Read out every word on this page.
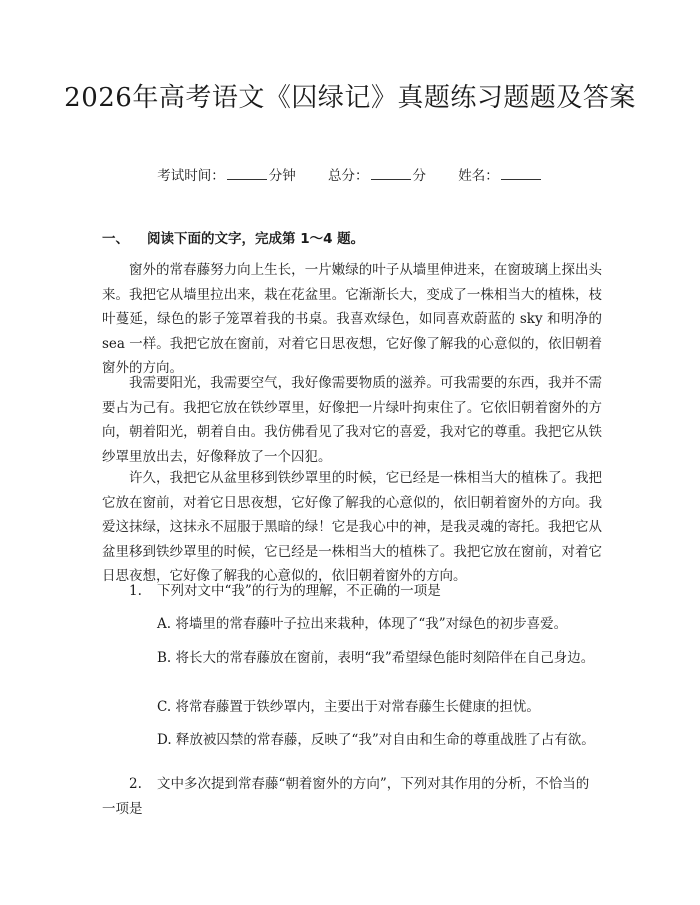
2026年高考语文《囚绿记》真题练习题题及答案
考试时间：	分钟 总分：	分 姓名：
一、 阅读下面的文字，完成第 1～4 题。

窗外的常春藤努力向上生长，一片嫩绿的叶子从墙里伸进来，在窗玻璃上探出头来。我把它从墙里拉出来，栽在花盆里。它渐渐长大，变成了一株相当大的植株，枝叶蔓延，绿色的影子笼罩着我的书桌。我喜欢绿色，如同喜欢蔚蓝的 sky 和明净的 sea 一样。我把它放在窗前，对着它日思夜想，它好像了解我的心意似的，依旧朝着窗外的方向。

我需要阳光，我需要空气，我好像需要物质的滋养。可我需要的东西，我并不需要占为己有。我把它放在铁纱罩里，好像把一片绿叶拘束住了。它依旧朝着窗外的方向，朝着阳光，朝着自由。我仿佛看见了我对它的喜爱，我对它的尊重。我把它从铁纱罩里放出去，好像释放了一个囚犯。

许久，我把它从盆里移到铁纱罩里的时候，它已经是一株相当大的植株了。我把它放在窗前，对着它日思夜想，它好像了解我的心意似的，依旧朝着窗外的方向。我爱这抹绿，这抹永不屈服于黑暗的绿！它是我心中的神，是我灵魂的寄托。我把它从盆里移到铁纱罩里的时候，它已经是一株相当大的植株了。我把它放在窗前，对着它日思夜想，它好像了解我的心意似的，依旧朝着窗外的方向。

1. 下列对文中“我”的行为的理解，不正确的一项是

A. 将墙里的常春藤叶子拉出来栽种，体现了“我”对绿色的初步喜爱。

B. 将长大的常春藤放在窗前，表明“我”希望绿色能时刻陪伴在自己身边。

C. 将常春藤置于铁纱罩内，主要出于对常春藤生长健康的担忧。

D. 释放被囚禁的常春藤，反映了“我”对自由和生命的尊重战胜了占有欲。

2. 文中多次提到常春藤“朝着窗外的方向”，下列对其作用的分析，不恰当的一项是
